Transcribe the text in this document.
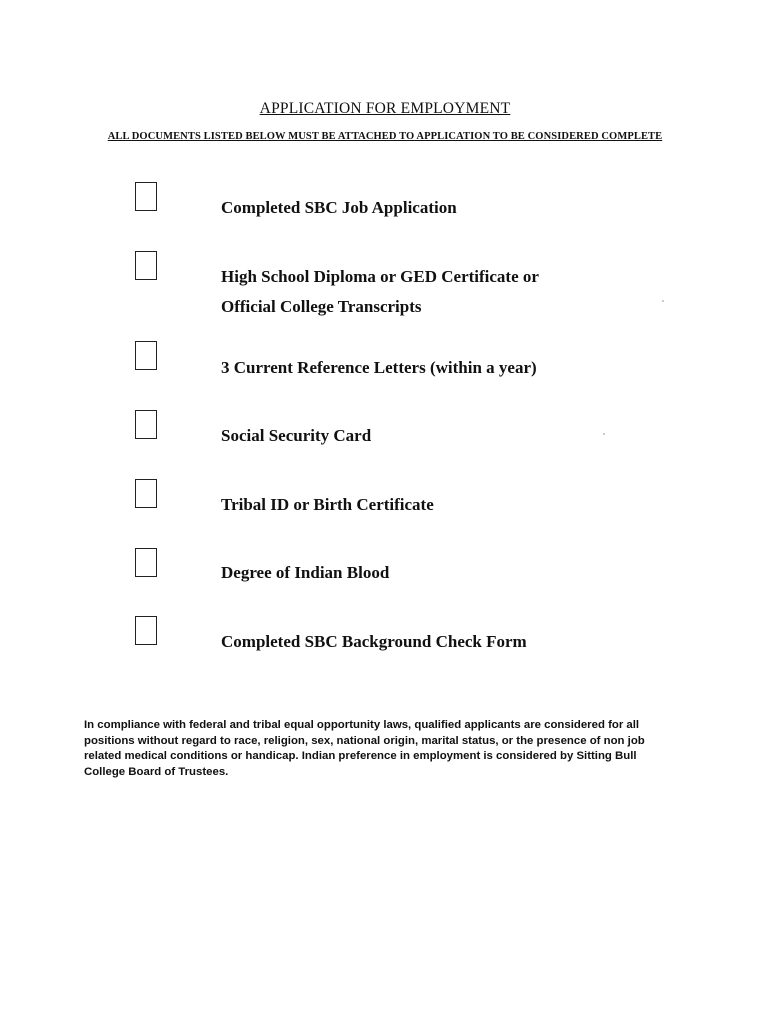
APPLICATION FOR EMPLOYMENT
ALL DOCUMENTS LISTED BELOW MUST BE ATTACHED TO APPLICATION TO BE CONSIDERED COMPLETE
Completed SBC Job Application
High School Diploma or GED Certificate or
Official College Transcripts
3 Current Reference Letters (within a year)
Social Security Card
Tribal ID or Birth Certificate
Degree of Indian Blood
Completed SBC Background Check Form
In compliance with federal and tribal equal opportunity laws, qualified applicants are considered for all positions without regard to race, religion, sex, national origin, marital status, or the presence of non job related medical conditions or handicap. Indian preference in employment is considered by Sitting Bull College Board of Trustees.
